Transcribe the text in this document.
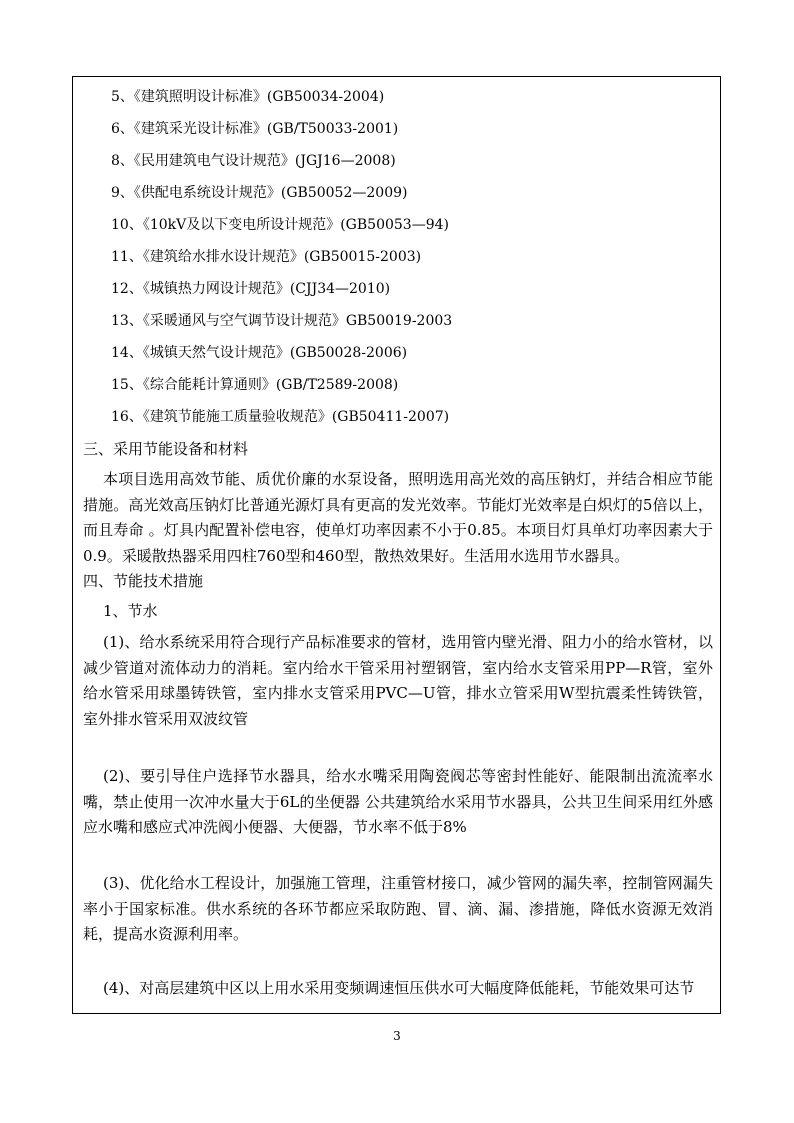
5、《建筑照明设计标准》(GB50034-2004)
6、《建筑采光设计标准》(GB/T50033-2001)
8、《民用建筑电气设计规范》(JGJ16—2008)
9、《供配电系统设计规范》(GB50052—2009)
10、《10kV及以下变电所设计规范》(GB50053—94)
11、《建筑给水排水设计规范》(GB50015-2003)
12、《城镇热力网设计规范》(CJJ34—2010)
13、《采暖通风与空气调节设计规范》GB50019-2003
14、《城镇天然气设计规范》(GB50028-2006)
15、《综合能耗计算通则》(GB/T2589-2008)
16、《建筑节能施工质量验收规范》(GB50411-2007)
三、采用节能设备和材料

本项目选用高效节能、质优价廉的水泵设备，照明选用高光效的高压钠灯，并结合相应节能措施。高光效高压钠灯比普通光源灯具有更高的发光效率。节能灯光效率是白炽灯的5倍以上，而且寿命 。灯具内配置补偿电容，使单灯功率因素不小于0.85。本项目灯具单灯功率因素大于0.9。采暖散热器采用四柱760型和460型，散热效果好。生活用水选用节水器具。

四、节能技术措施
1、节水

(1)、给水系统采用符合现行产品标准要求的管材，选用管内壁光滑、阻力小的给水管材，以减少管道对流体动力的消耗。室内给水干管采用衬塑钢管，室内给水支管采用PP—R管，室外给水管采用球墨铸铁管，室内排水支管采用PVC—U管，排水立管采用W型抗震柔性铸铁管，室外排水管采用双波纹管

(2)、要引导住户选择节水器具，给水水嘴采用陶瓷阀芯等密封性能好、能限制出流流率水嘴，禁止使用一次冲水量大于6L的坐便器 公共建筑给水采用节水器具，公共卫生间采用红外感应水嘴和感应式冲洗阀小便器、大便器，节水率不低于8%

(3)、优化给水工程设计，加强施工管理，注重管材接口，减少管网的漏失率，控制管网漏失率小于国家标准。供水系统的各环节都应采取防跑、冒、滴、漏、渗措施，降低水资源无效消耗，提高水资源利用率。

(4)、对高层建筑中区以上用水采用变频调速恒压供水可大幅度降低能耗，节能效果可达节

3
